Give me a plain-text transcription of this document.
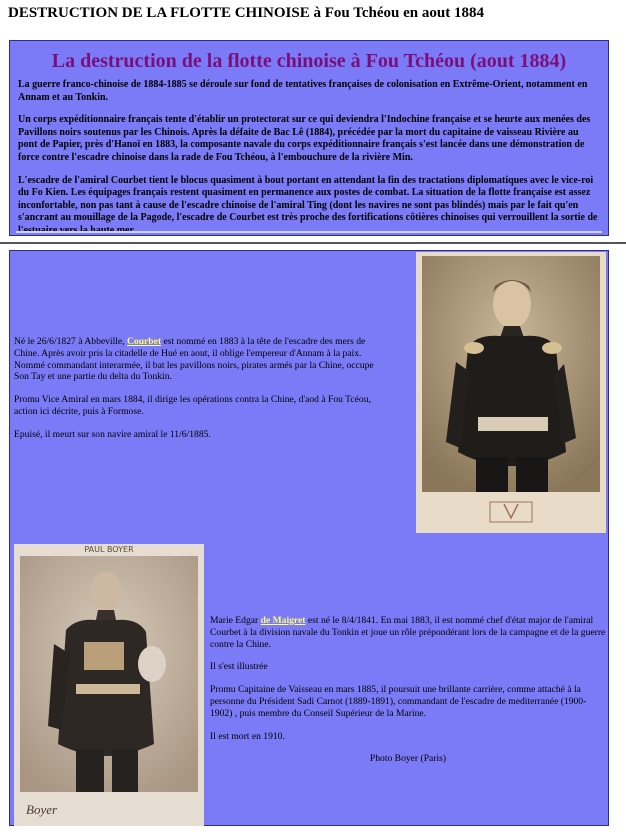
DESTRUCTION DE LA FLOTTE CHINOISE à Fou Tchéou en aout 1884
La destruction de la flotte chinoise à Fou Tchéou (aout 1884)

La guerre franco-chinoise de 1884-1885 se déroule sur fond de tentatives françaises de colonisation en Extrême-Orient, notamment en Annam et au Tonkin.

Un corps expéditionnaire français tente d'établir un protectorat sur ce qui deviendra l'Indochine française et se heurte aux menées des Pavillons noirs soutenus par les Chinois. Après la défaite de Bac Lê (1884), précédée par la mort du capitaine de vaisseau Rivière au pont de Papier, près d'Hanoï en 1883, la composante navale du corps expéditionnaire français s'est lancée dans une démonstration de force contre l'escadre chinoise dans la rade de Fou Tchéou, à l'embouchure de la rivière Min.

L'escadre de l'amiral Courbet tient le blocus quasiment à bout portant en attendant la fin des tractations diplomatiques avec le vice-roi du Fo Kien. Les équipages français restent quasiment en permanence aux postes de combat. La situation de la flotte française est assez inconfortable, non pas tant à cause de l'escadre chinoise de l'amiral Ting (dont les navires ne sont pas blindés) mais par le fait qu'en s'ancrant au mouillage de la Pagode, l'escadre de Courbet est très proche des fortifications côtières chinoises qui verrouillent la sortie de

Né le 26/6/1827 à Abbeville, Courbet est nommé en 1883 à la tête de l'escadre des mers de Chine. Après avoir pris la citadelle de Hué en aout, il oblige l'empereur d'Annam à la paix. Nommé commandant interarmée, il bat les pavillons noirs, pirates armés par la Chine, occupe Son Tay et une partie du delta du Tonkin.

Promu Vice Amiral en mars 1884, il dirige les opérations contra la Chine, d'aod à Fou Tcéou, action ici décrite, puis à Formose.

Epuisé, il meurt sur son navire amiral le 11/6/1885.

PAUL BOYER
Boyer

Marie Edgar de Maigret est né le 8/4/1841. En mai 1883, il est nommé chef d'état major de l'amiral Courbet à la division navale du Tonkin et joue un rôle prépondérant lors de la campagne et de la guerre contre la Chine.

Il s'est illustrée

Promu Capitaine de Vaisseau en mars 1885, il poursuit une brillante carrière, comme attaché à la personne du Président Sadi Carnot (1889-1891), commandant de l'escadre de mediterranée (1900-1902) , puis membre du Conseil Supérieur de la Marine.

Il est mort en 1910.

Photo Boyer (Paris)
